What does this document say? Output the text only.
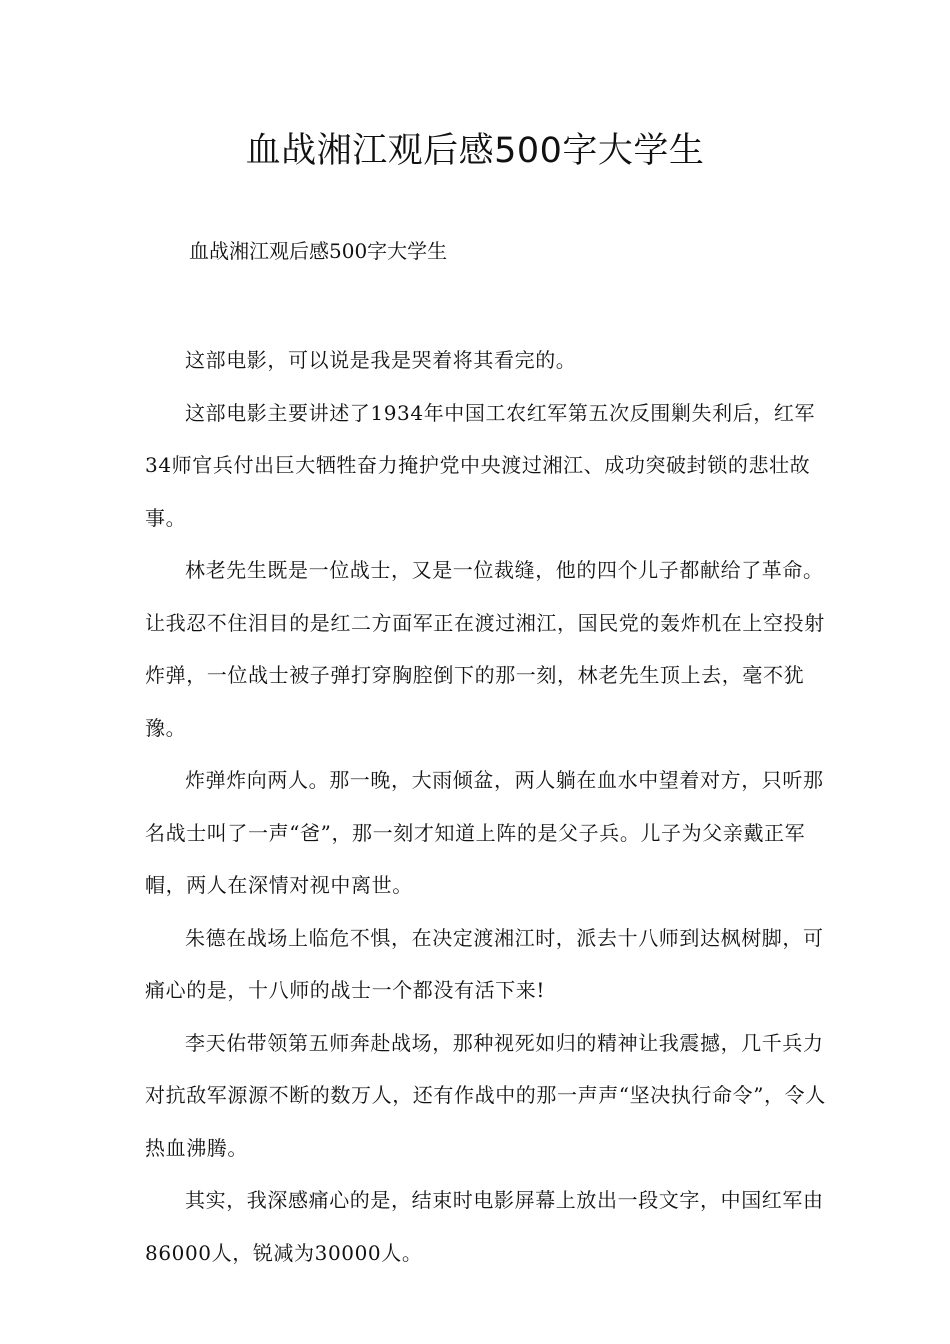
血战湘江观后感500字大学生

血战湘江观后感500字大学生

这部电影，可以说是我是哭着将其看完的。

这部电影主要讲述了1934年中国工农红军第五次反围剿失利后，红军34师官兵付出巨大牺牲奋力掩护党中央渡过湘江、成功突破封锁的悲壮故事。

林老先生既是一位战士，又是一位裁缝，他的四个儿子都献给了革命。让我忍不住泪目的是红二方面军正在渡过湘江，国民党的轰炸机在上空投射炸弹，一位战士被子弹打穿胸腔倒下的那一刻，林老先生顶上去，毫不犹豫。

炸弹炸向两人。那一晚，大雨倾盆，两人躺在血水中望着对方，只听那名战士叫了一声“爸”，那一刻才知道上阵的是父子兵。儿子为父亲戴正军帽，两人在深情对视中离世。

朱德在战场上临危不惧，在决定渡湘江时，派去十八师到达枫树脚，可痛心的是，十八师的战士一个都没有活下来!

李天佑带领第五师奔赴战场，那种视死如归的精神让我震撼，几千兵力对抗敌军源源不断的数万人，还有作战中的那一声声“坚决执行命令”，令人热血沸腾。

其实，我深感痛心的是，结束时电影屏幕上放出一段文字，中国红军由86000人，锐减为30000人。
